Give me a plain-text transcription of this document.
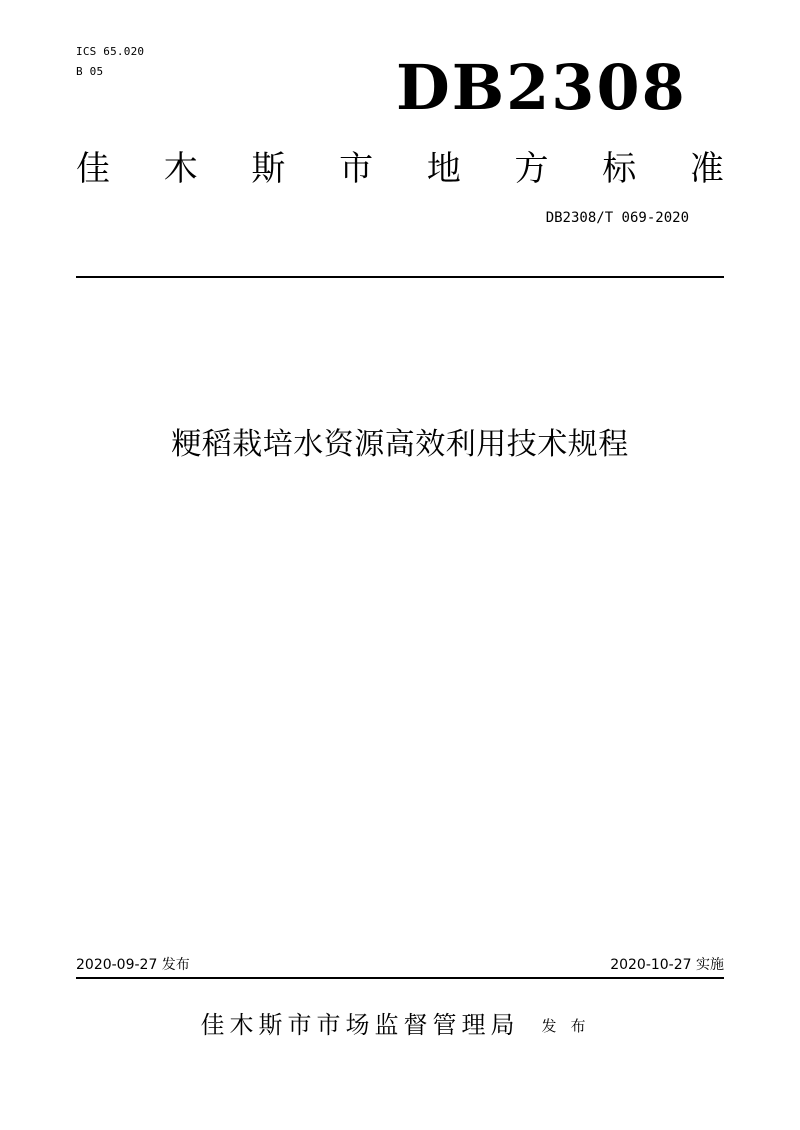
ICS 65.020
B 05	DB2308
佳 木 斯 市 地 方 标 准
DB2308/T 069-2020
粳稻栽培水资源高效利用技术规程
2020-09-27 发布	2020-10-27 实施
佳木斯市市场监督管理局 发布
